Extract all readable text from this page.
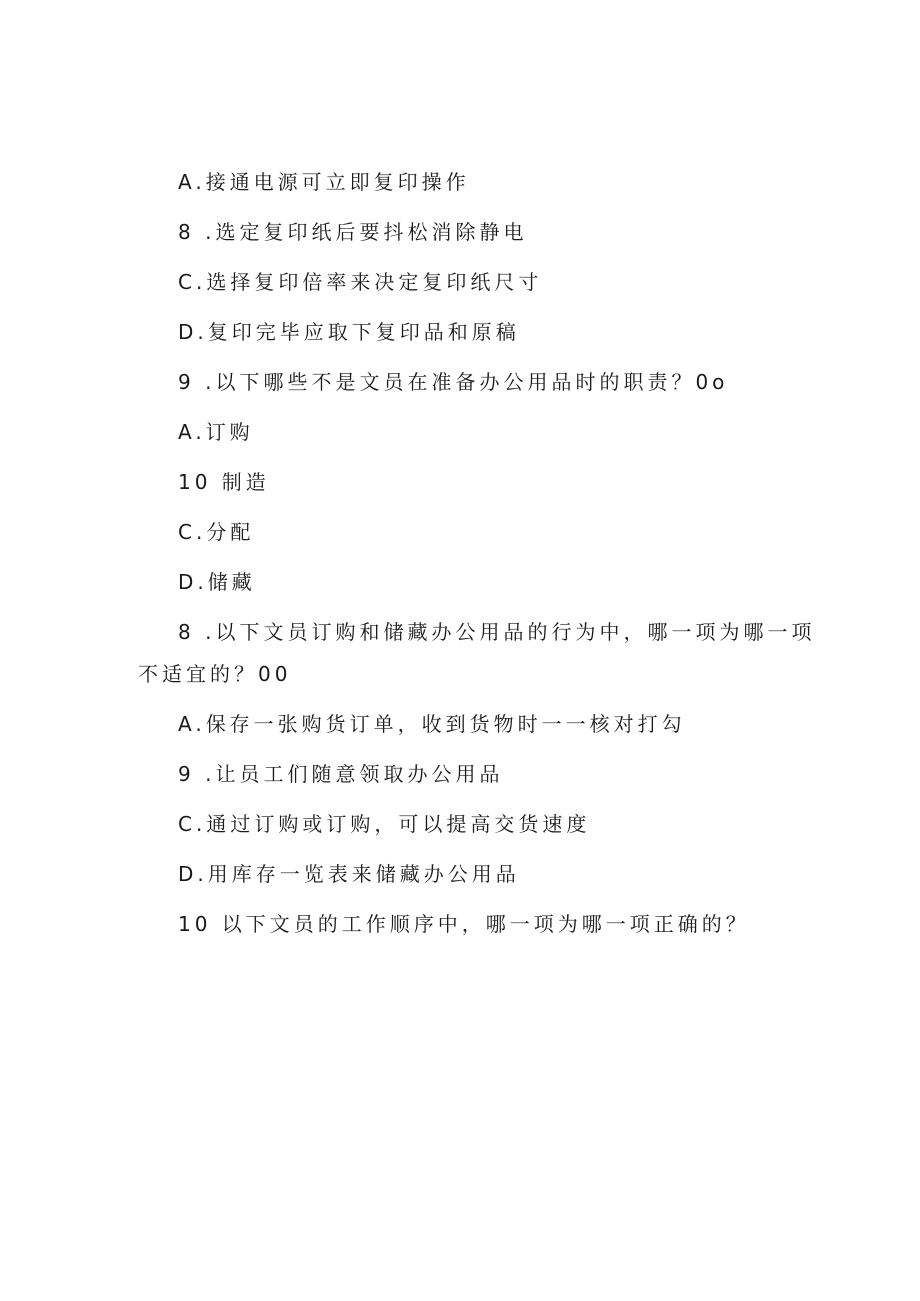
A.接通电源可立即复印操作
8 .选定复印纸后要抖松消除静电
C.选择复印倍率来决定复印纸尺寸
D.复印完毕应取下复印品和原稿
9 .以下哪些不是文员在准备办公用品时的职责？0o
A.订购
10 制造
C.分配
D.储藏
8 .以下文员订购和储藏办公用品的行为中，哪一项为哪一项
不适宜的？00
A.保存一张购货订单，收到货物时一一核对打勾
9 .让员工们随意领取办公用品
C.通过订购或订购，可以提高交货速度
D.用库存一览表来储藏办公用品
10 以下文员的工作顺序中，哪一项为哪一项正确的？
